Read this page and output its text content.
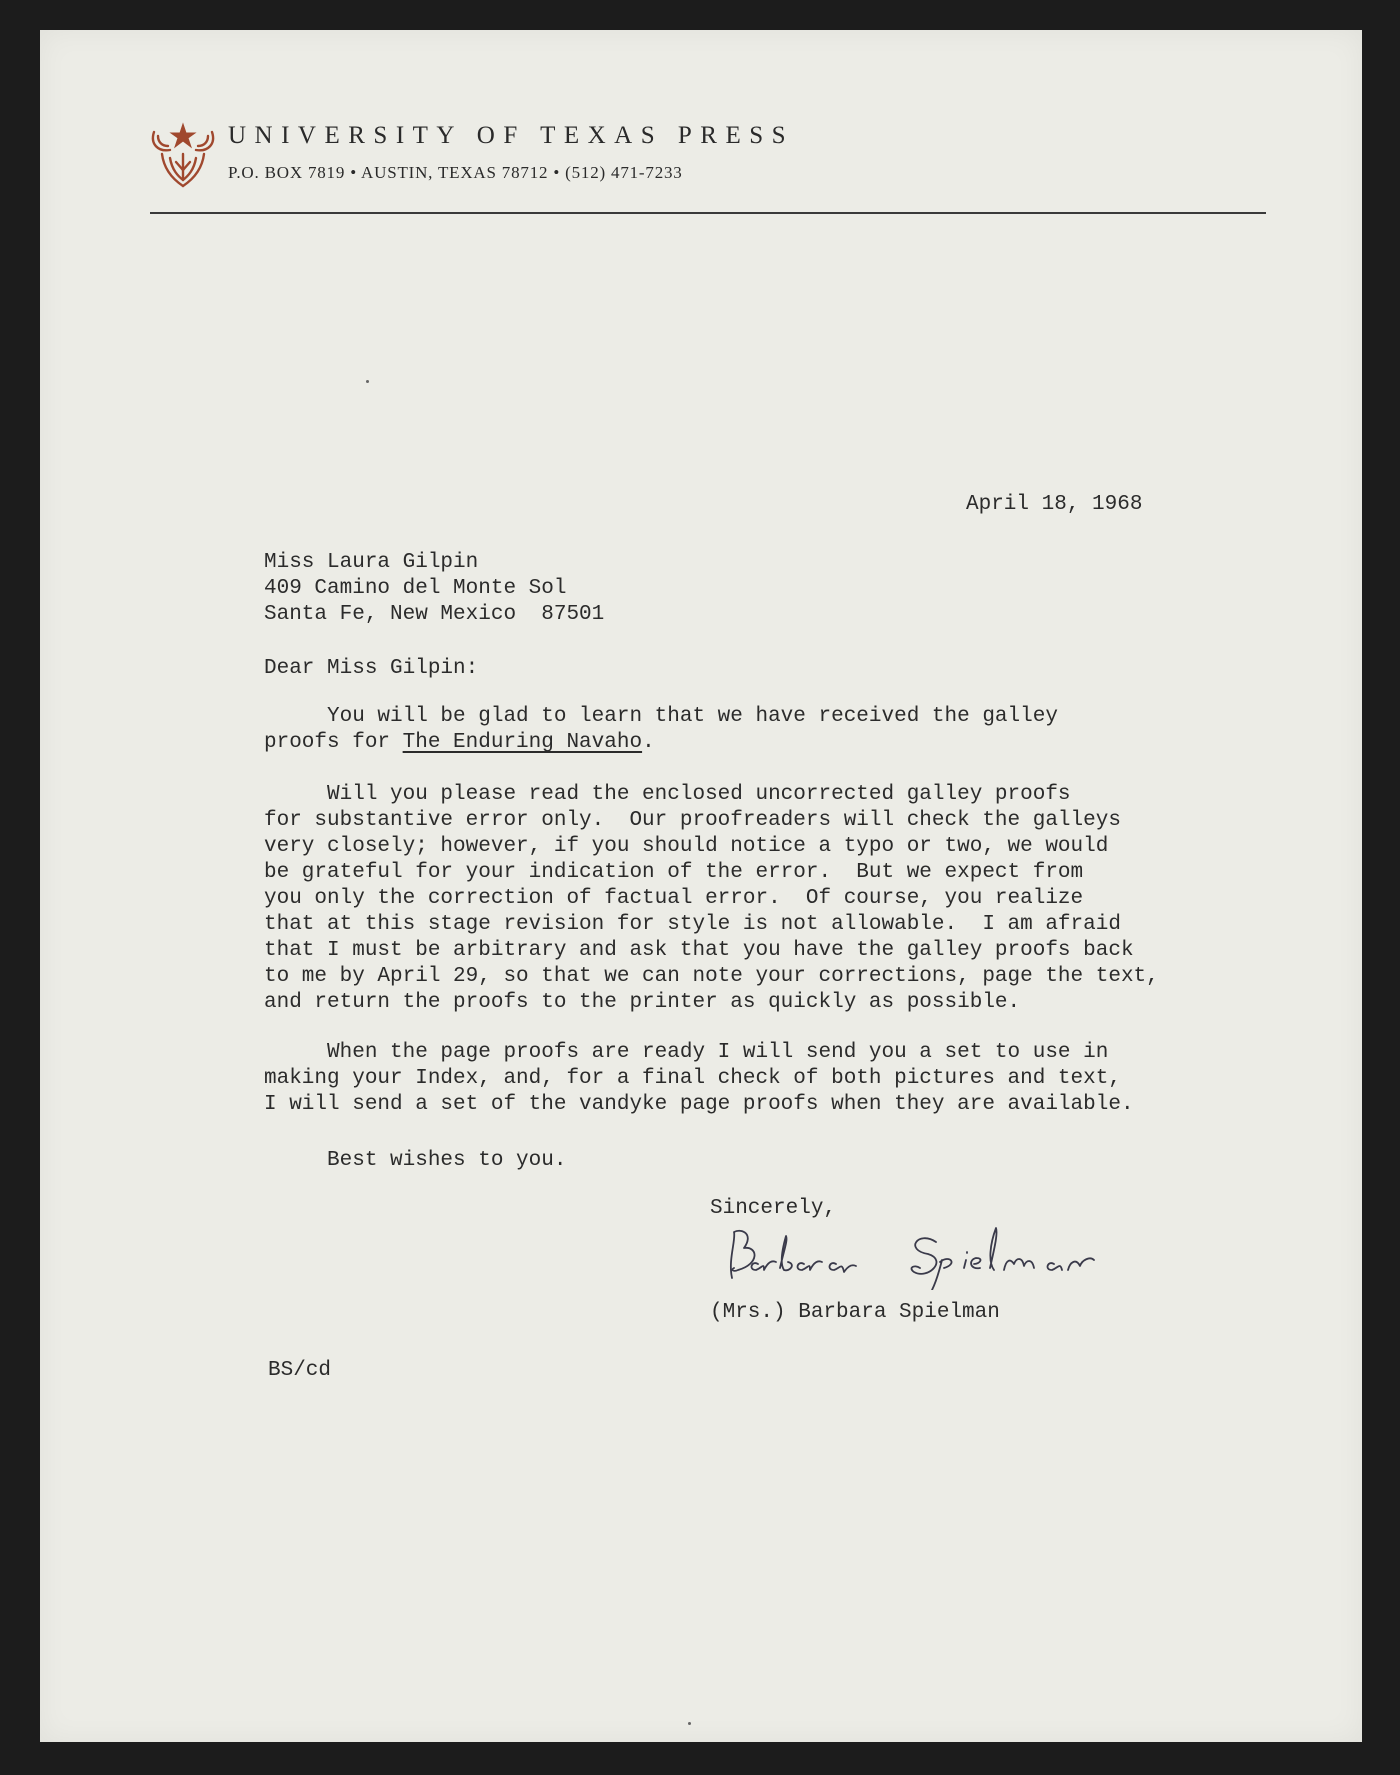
UNIVERSITY OF TEXAS PRESS
P.O. BOX 7819 • AUSTIN, TEXAS 78712 • (512) 471-7233
April 18, 1968
Miss Laura Gilpin
409 Camino del Monte Sol
Santa Fe, New Mexico  87501
Dear Miss Gilpin:
You will be glad to learn that we have received the galley
proofs for The Enduring Navaho.
Will you please read the enclosed uncorrected galley proofs
for substantive error only.  Our proofreaders will check the galleys
very closely; however, if you should notice a typo or two, we would
be grateful for your indication of the error.  But we expect from
you only the correction of factual error.  Of course, you realize
that at this stage revision for style is not allowable.  I am afraid
that I must be arbitrary and ask that you have the galley proofs back
to me by April 29, so that we can note your corrections, page the text,
and return the proofs to the printer as quickly as possible.
When the page proofs are ready I will send you a set to use in
making your Index, and, for a final check of both pictures and text,
I will send a set of the vandyke page proofs when they are available.
Best wishes to you.
Sincerely,
(Mrs.) Barbara Spielman
BS/cd
